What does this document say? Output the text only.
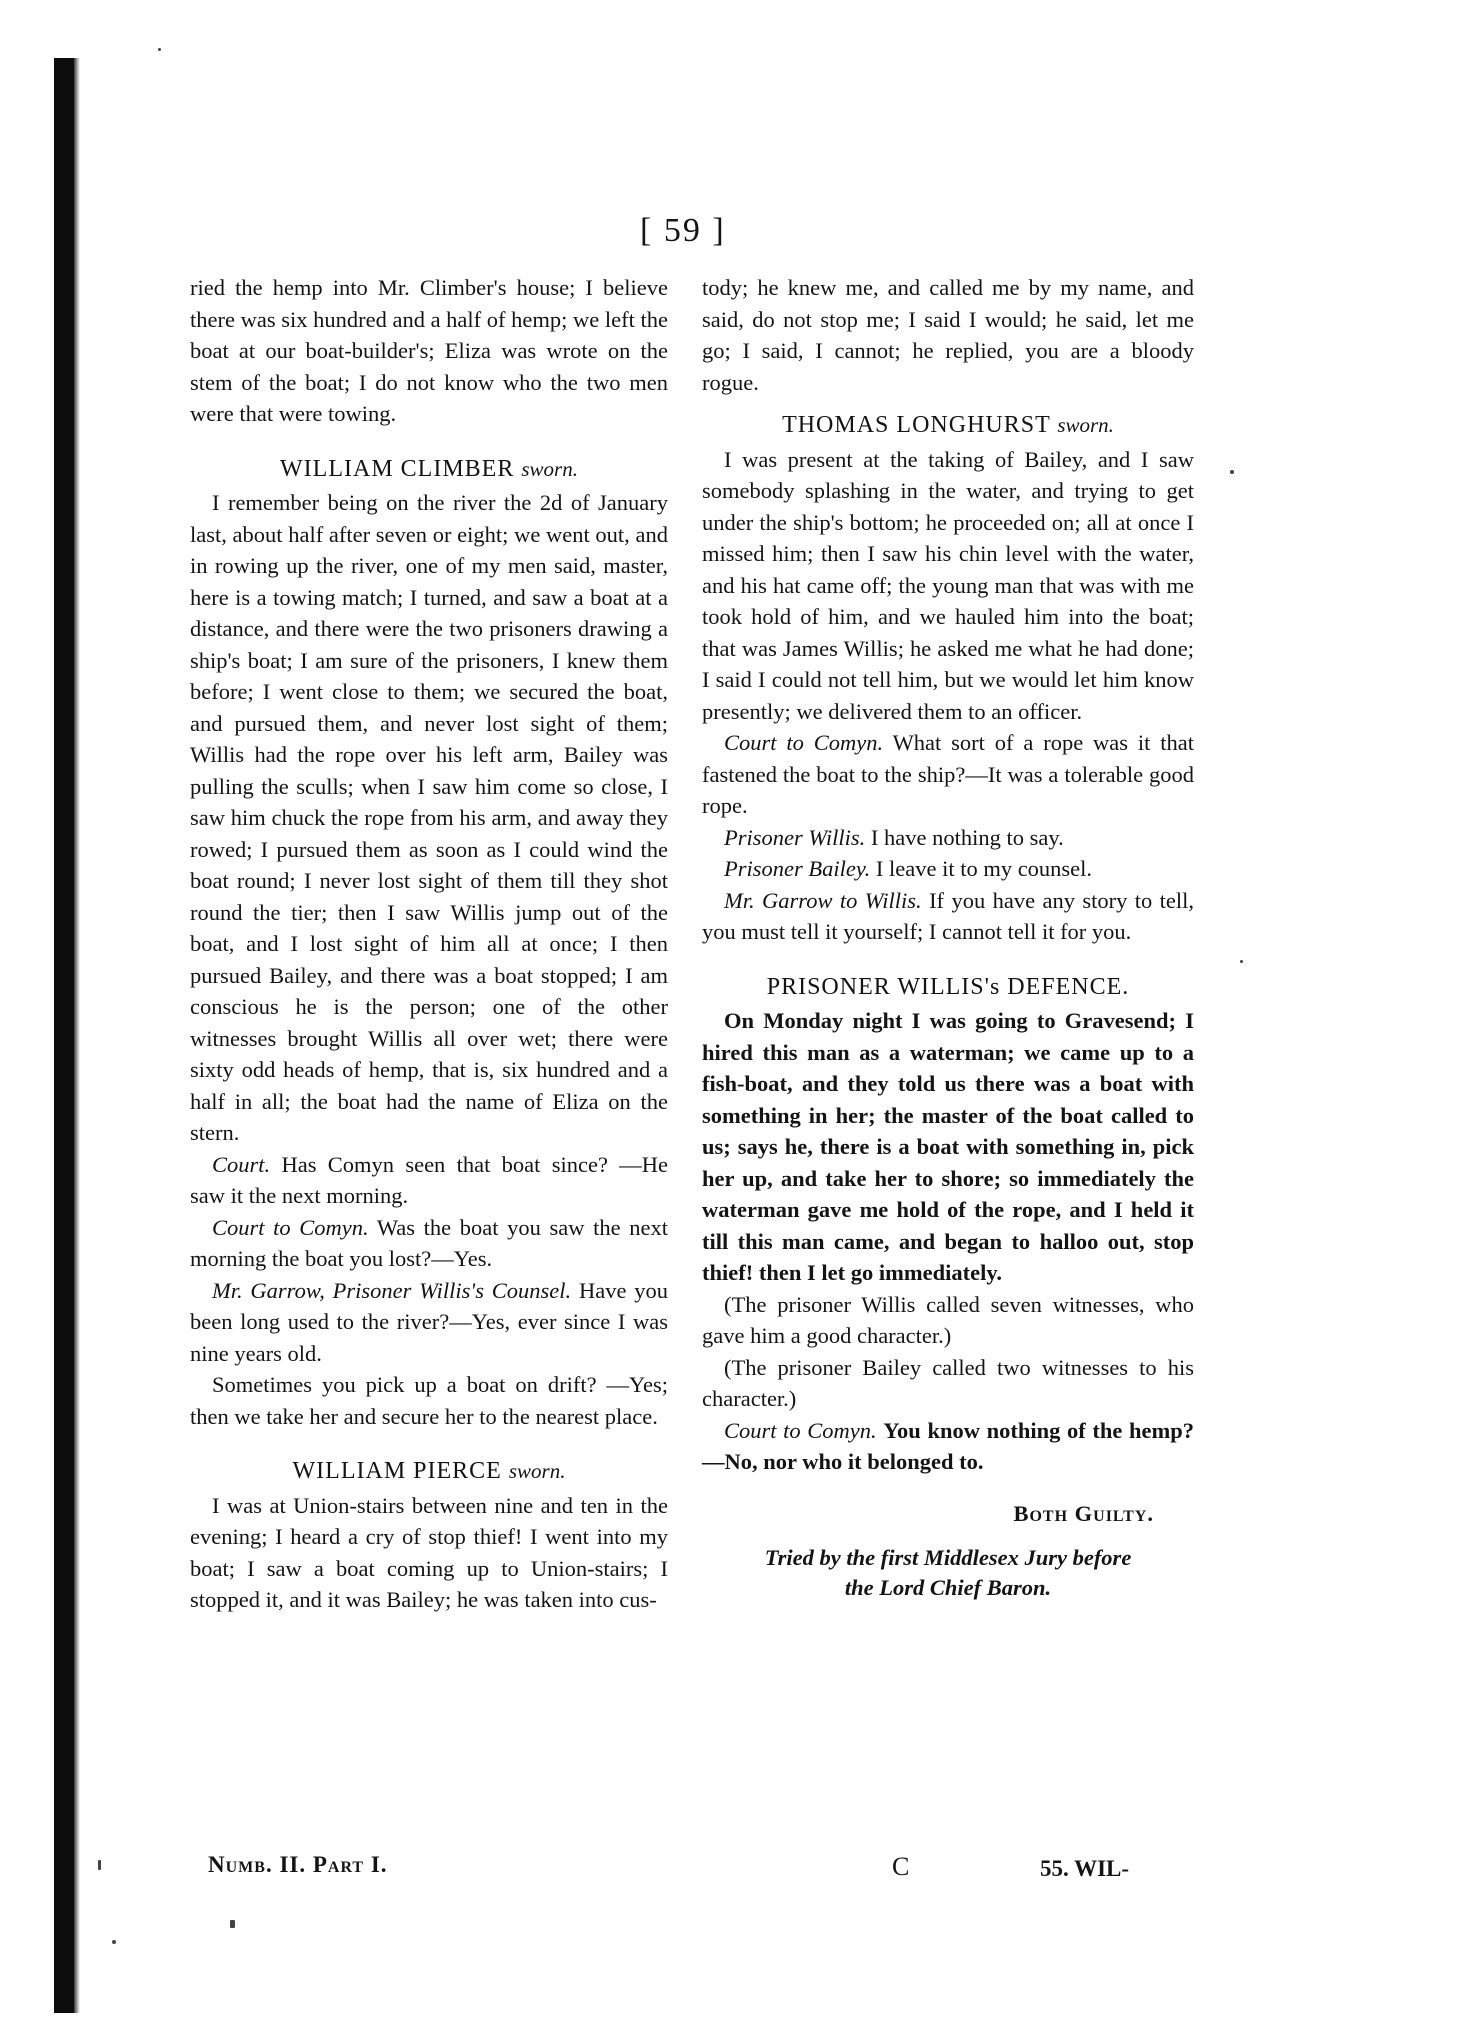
[ 59 ]

ried the hemp into Mr. Climber's house; I believe there was six hundred and a half of hemp; we left the boat at our boat-builder's; Eliza was wrote on the stem of the boat; I do not know who the two men were that were towing.

WILLIAM CLIMBER sworn.

I remember being on the river the 2d of January last, about half after seven or eight; we went out, and in rowing up the river, one of my men said, master, here is a towing match; I turned, and saw a boat at a distance, and there were the two prisoners drawing a ship's boat; I am sure of the prisoners, I knew them before; I went close to them; we secured the boat, and pursued them, and never lost sight of them; Willis had the rope over his left arm, Bailey was pulling the sculls; when I saw him come so close, I saw him chuck the rope from his arm, and away they rowed; I pursued them as soon as I could wind the boat round; I never lost sight of them till they shot round the tier; then I saw Willis jump out of the boat, and I lost sight of him all at once; I then pursued Bailey, and there was a boat stopped; I am conscious he is the person; one of the other witnesses brought Willis all over wet; there were sixty odd heads of hemp, that is, six hundred and a half in all; the boat had the name of Eliza on the stern.

Court. Has Comyn seen that boat since? —He saw it the next morning.

Court to Comyn. Was the boat you saw the next morning the boat you lost?—Yes.

Mr. Garrow, Prisoner Willis's Counsel. Have you been long used to the river?—Yes, ever since I was nine years old.

Sometimes you pick up a boat on drift? —Yes; then we take her and secure her to the nearest place.

WILLIAM PIERCE sworn.

I was at Union-stairs between nine and ten in the evening; I heard a cry of stop thief! I went into my boat; I saw a boat coming up to Union-stairs; I stopped it, and it was Bailey; he was taken into cus-

tody; he knew me, and called me by my name, and said, do not stop me; I said I would; he said, let me go; I said, I cannot; he replied, you are a bloody rogue.

THOMAS LONGHURST sworn.

I was present at the taking of Bailey, and I saw somebody splashing in the water, and trying to get under the ship's bottom; he proceeded on; all at once I missed him; then I saw his chin level with the water, and his hat came off; the young man that was with me took hold of him, and we hauled him into the boat; that was James Willis; he asked me what he had done; I said I could not tell him, but we would let him know presently; we delivered them to an officer.

Court to Comyn. What sort of a rope was it that fastened the boat to the ship?—It was a tolerable good rope.

Prisoner Willis. I have nothing to say.

Prisoner Bailey. I leave it to my counsel.

Mr. Garrow to Willis. If you have any story to tell, you must tell it yourself; I cannot tell it for you.

PRISONER WILLIS's DEFENCE.

On Monday night I was going to Gravesend; I hired this man as a waterman; we came up to a fish-boat, and they told us there was a boat with something in her; the master of the boat called to us; says he, there is a boat with something in, pick her up, and take her to shore; so immediately the waterman gave me hold of the rope, and I held it till this man came, and began to halloo out, stop thief! then I let go immediately.

(The prisoner Willis called seven witnesses, who gave him a good character.)

(The prisoner Bailey called two witnesses to his character.)

Court to Comyn. You know nothing of the hemp?—No, nor who it belonged to.

Both Guilty.
Tried by the first Middlesex Jury before
the Lord Chief Baron.
Numb. II. Part I.	C	55. WIL-
